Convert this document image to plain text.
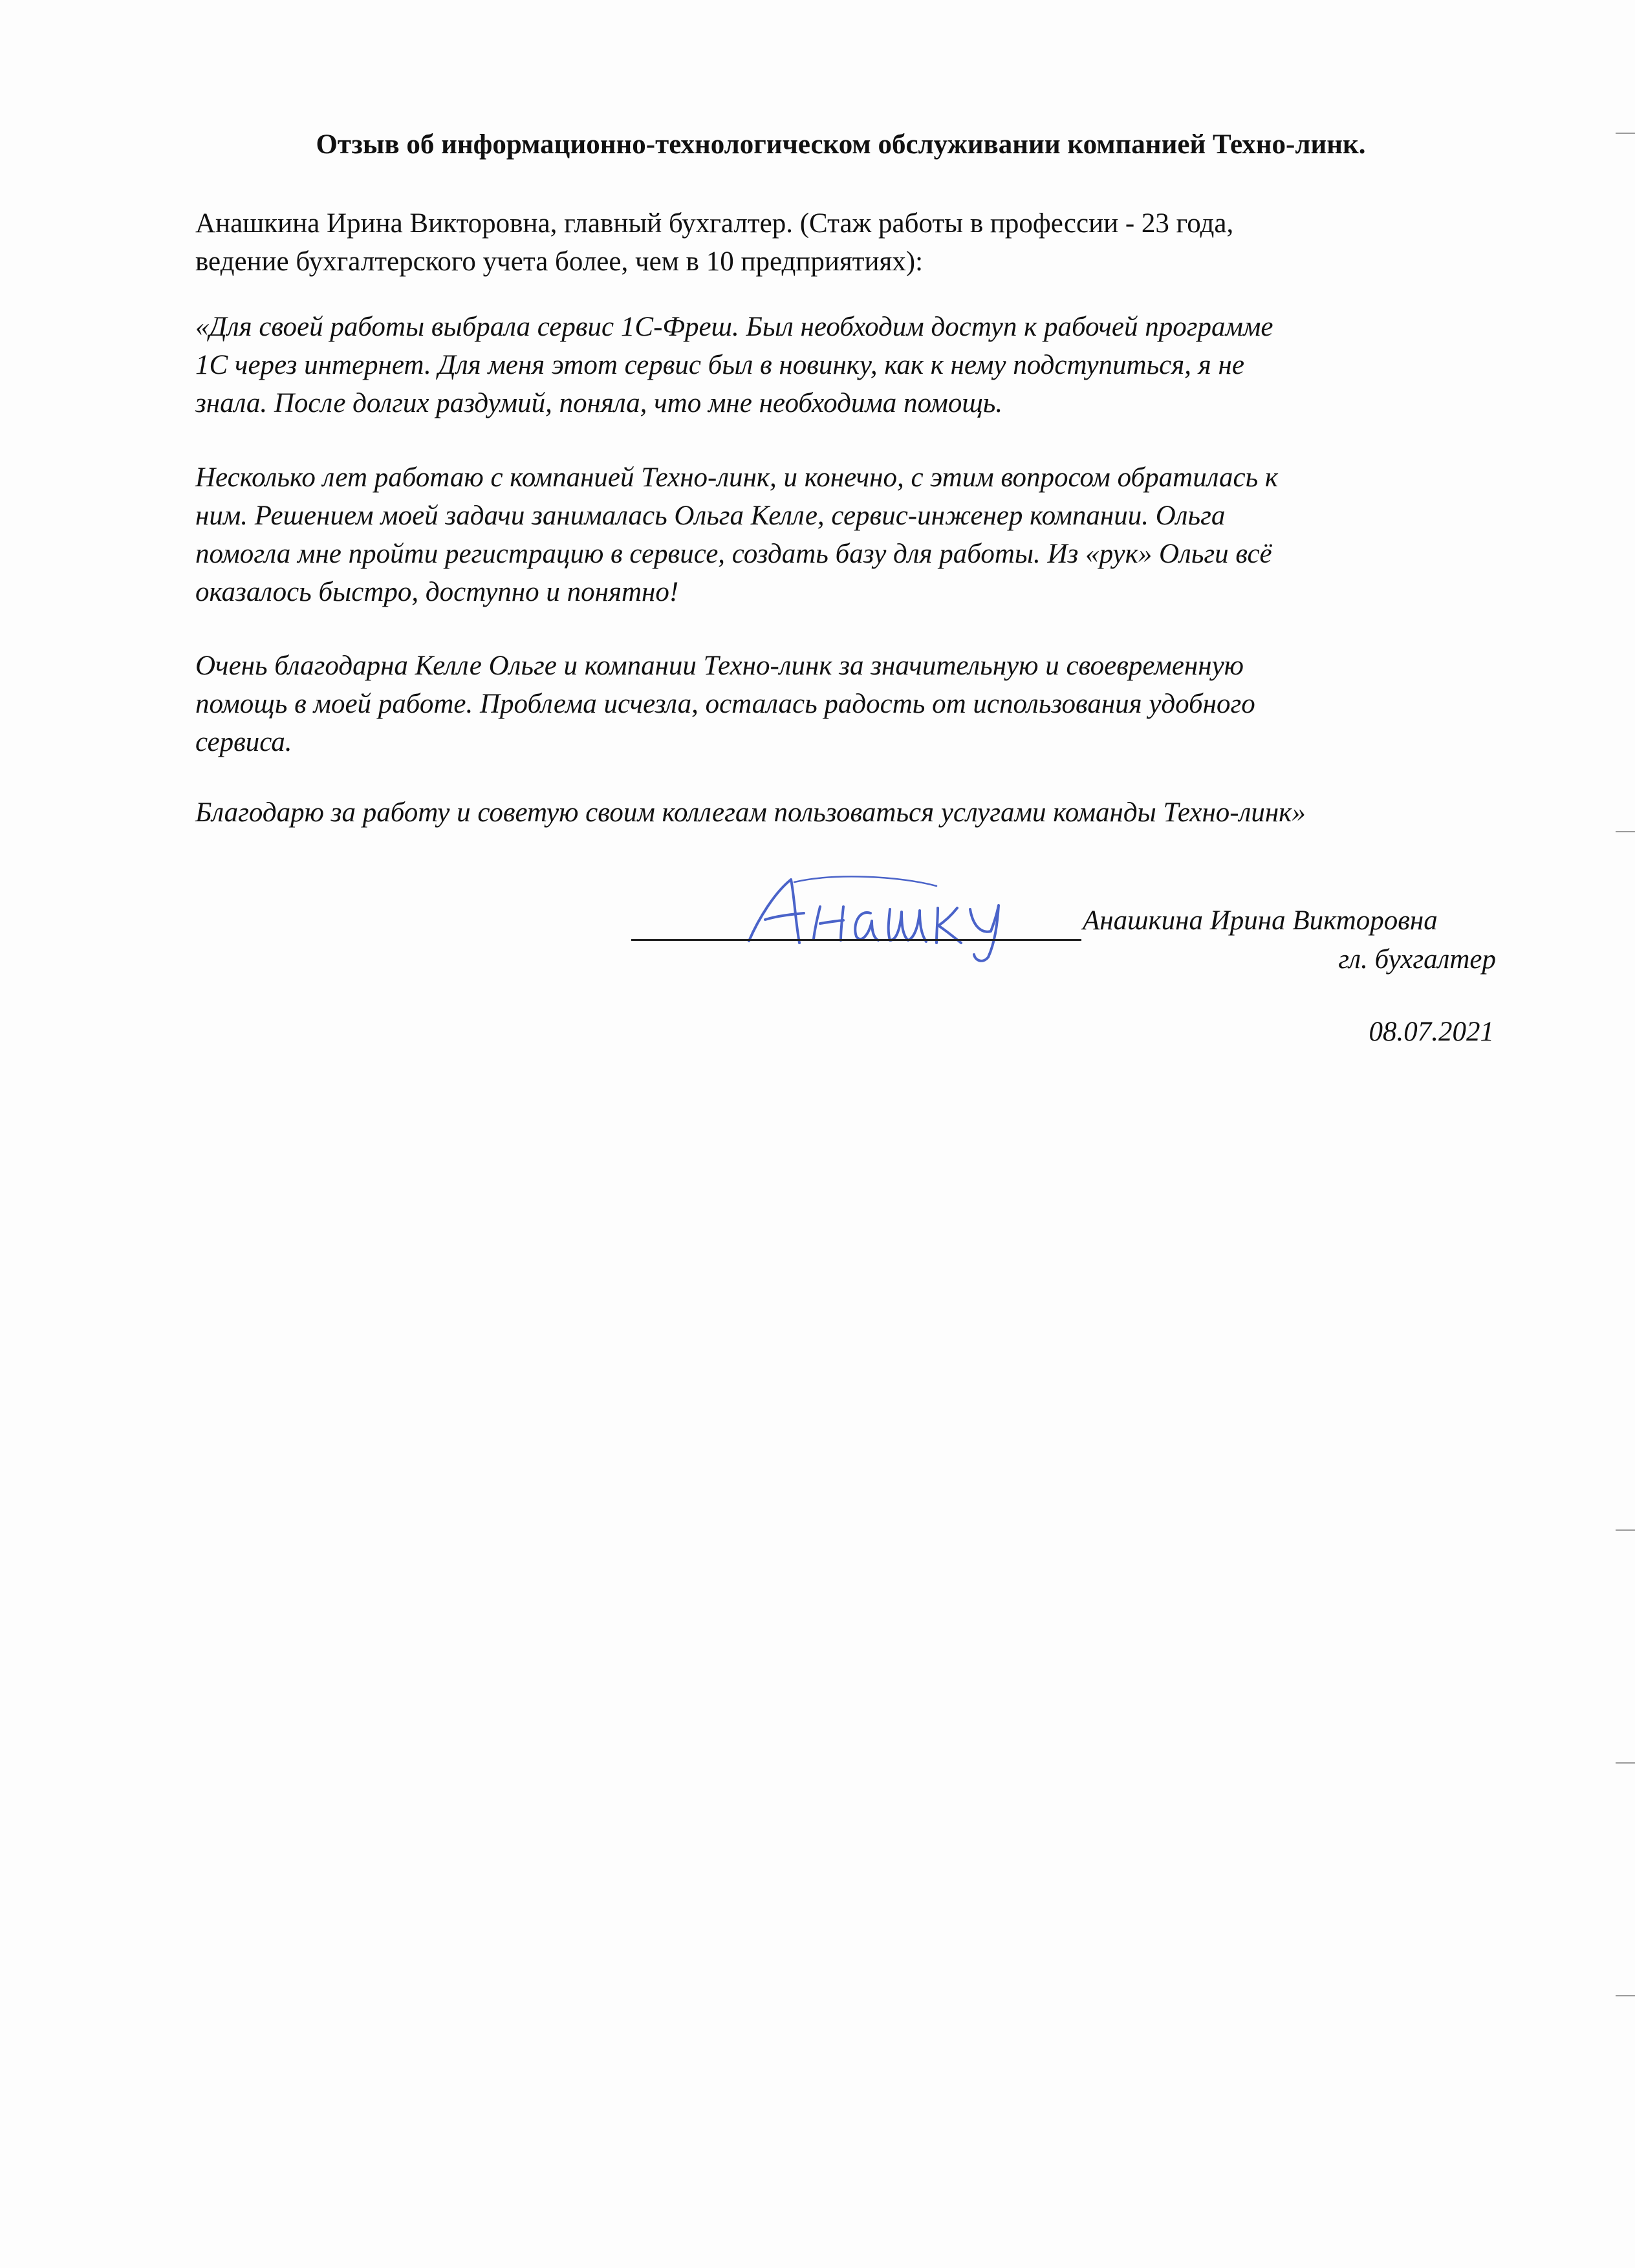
Отзыв об информационно-технологическом обслуживании компанией Техно-линк.
Анашкина Ирина Викторовна, главный бухгалтер. (Стаж работы в профессии - 23 года,
ведение бухгалтерского учета более, чем в 10 предприятиях):
«Для своей работы выбрала сервис 1С-Фреш. Был необходим доступ к рабочей программе
1С через интернет. Для меня этот сервис был в новинку, как к нему подступиться, я не
знала. После долгих раздумий, поняла, что мне необходима помощь.
Несколько лет работаю с компанией Техно-линк, и конечно, с этим вопросом обратилась к
ним. Решением моей задачи занималась Ольга Келле, сервис-инженер компании. Ольга
помогла мне пройти регистрацию в сервисе, создать базу для работы. Из «рук» Ольги всё
оказалось быстро, доступно и понятно!
Очень благодарна Келле Ольге и компании Техно-линк за значительную и своевременную
помощь в моей работе. Проблема исчезла, осталась радость от использования удобного
сервиса.
Благодарю за работу и советую своим коллегам пользоваться услугами команды Техно-линк»
Анашкина Ирина Викторовна
гл. бухгалтер
08.07.2021
